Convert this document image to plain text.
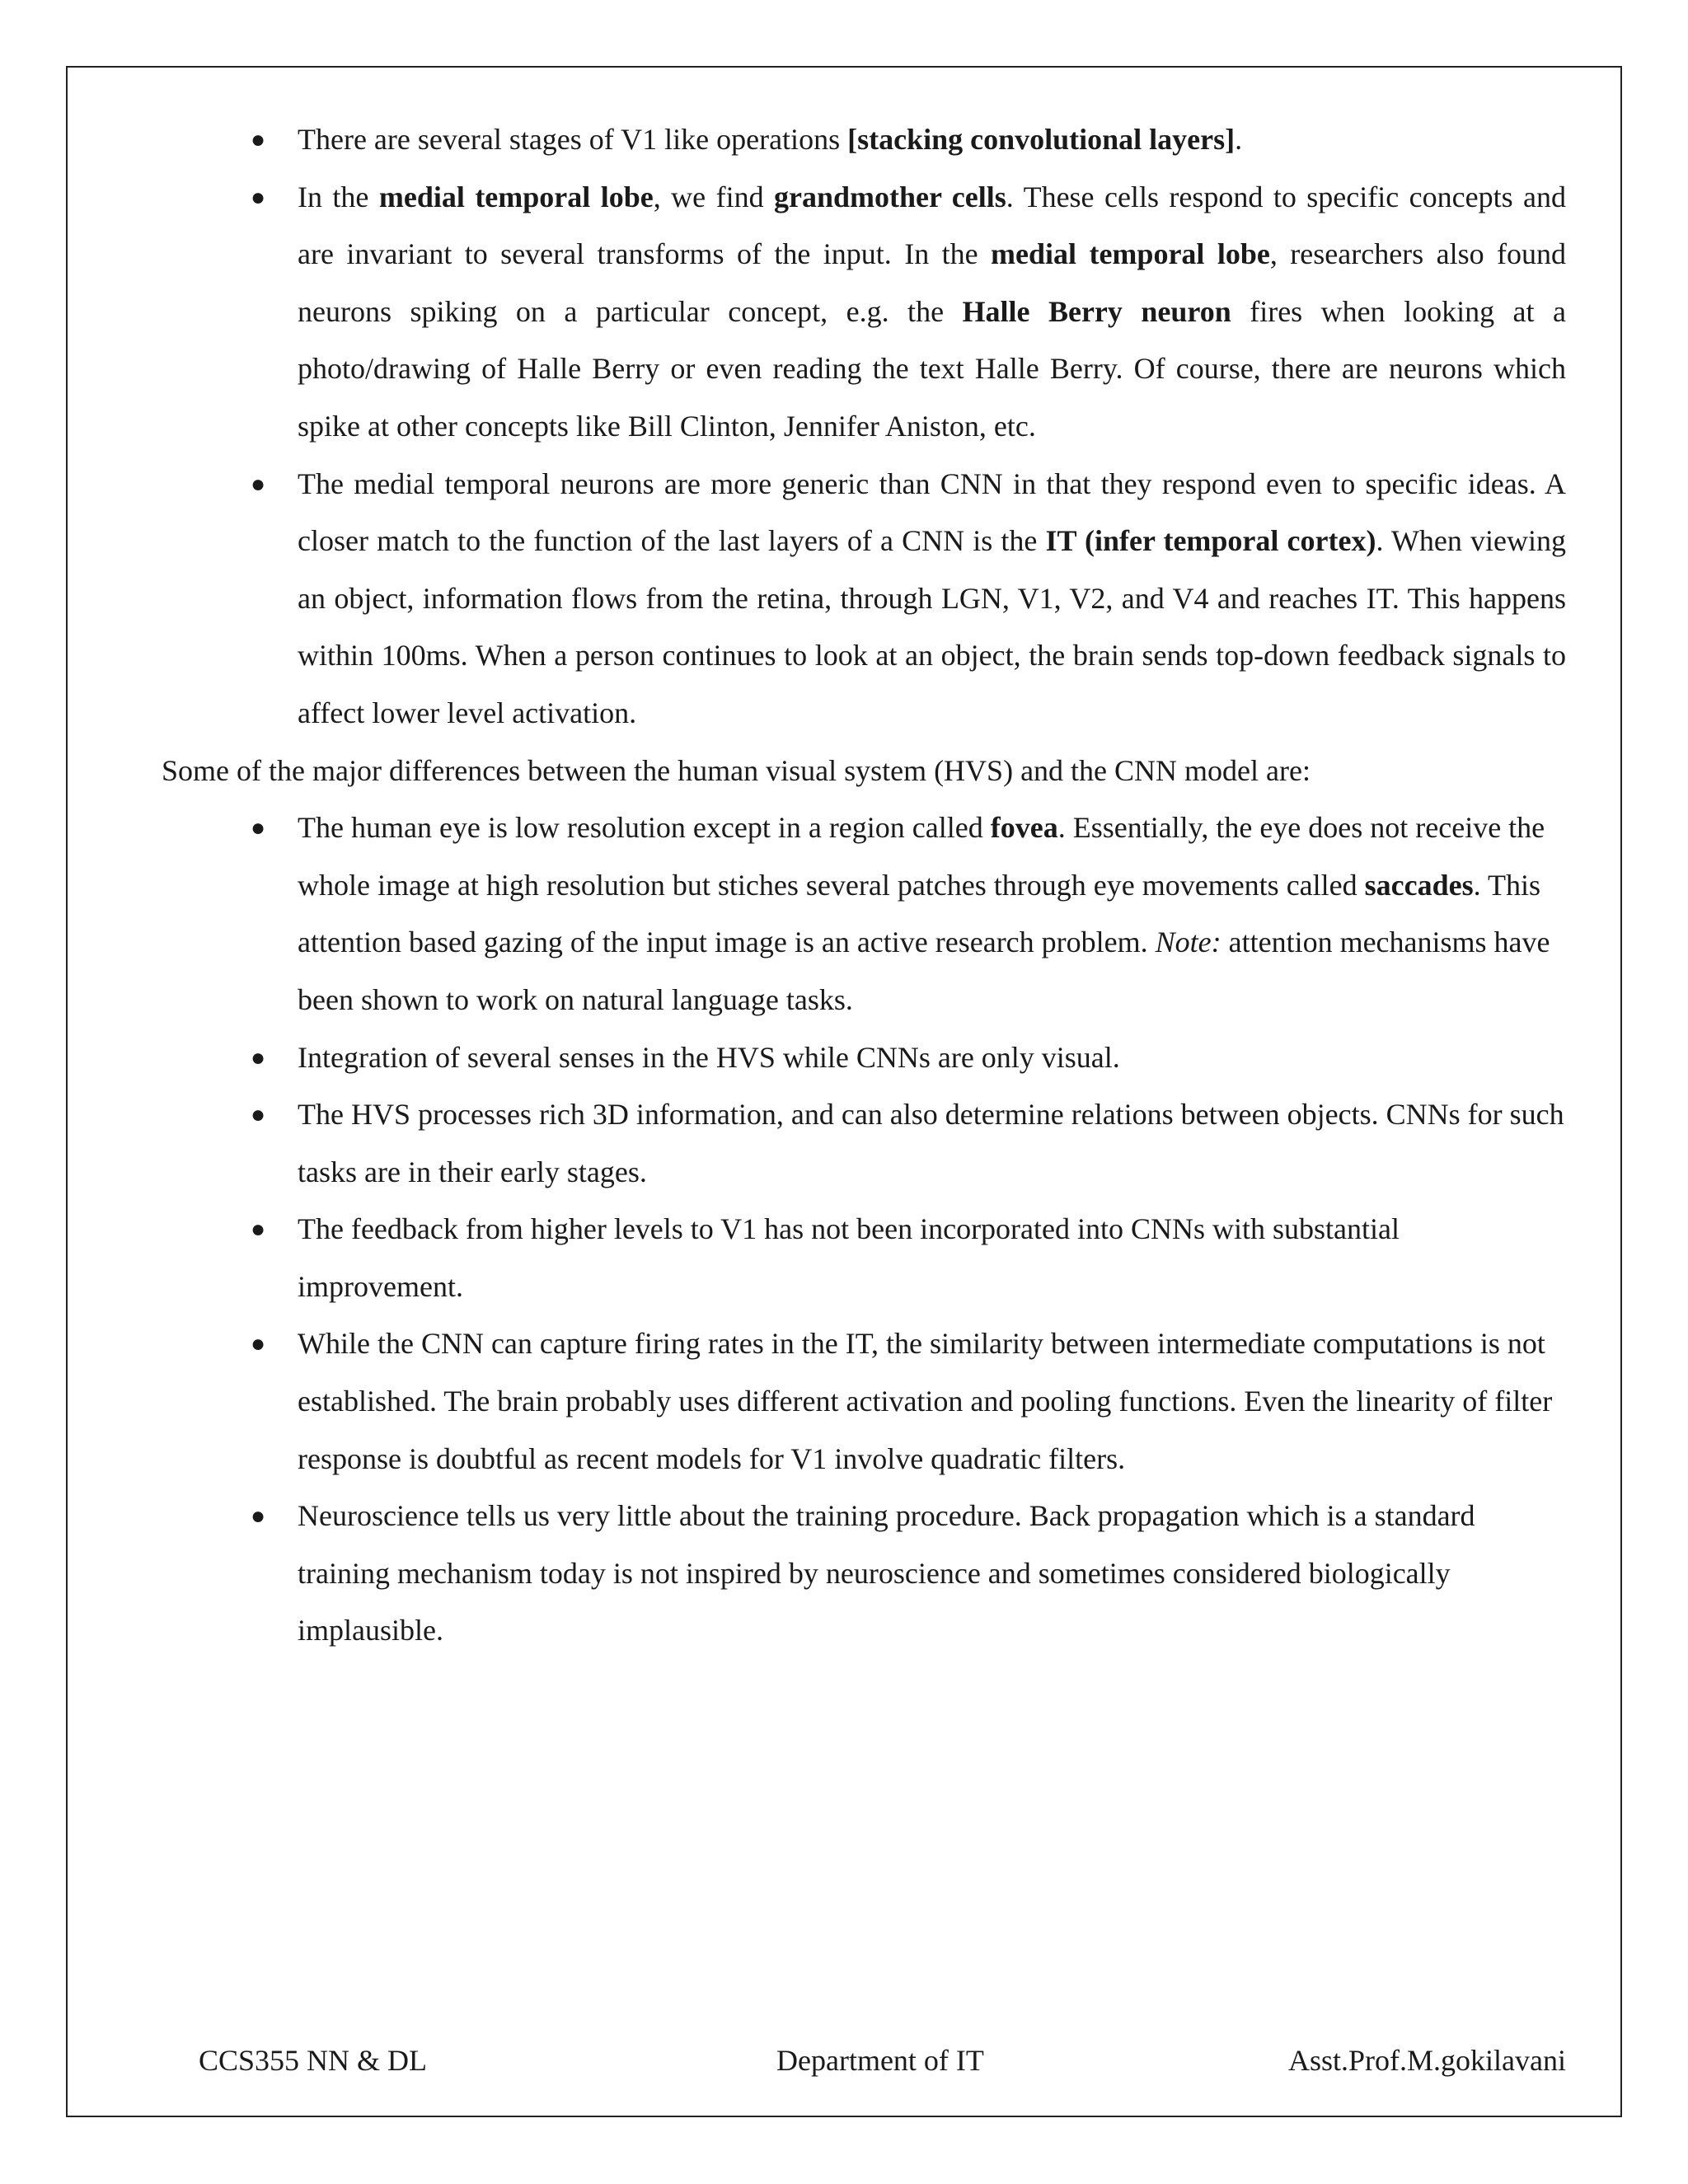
● There are several stages of V1 like operations [stacking convolutional layers].
● In the medial temporal lobe, we find grandmother cells. These cells respond to specific concepts and are invariant to several transforms of the input. In the medial temporal lobe, researchers also found neurons spiking on a particular concept, e.g. the Halle Berry neuron fires when looking at a photo/drawing of Halle Berry or even reading the text Halle Berry. Of course, there are neurons which spike at other concepts like Bill Clinton, Jennifer Aniston, etc.
● The medial temporal neurons are more generic than CNN in that they respond even to specific ideas. A closer match to the function of the last layers of a CNN is the IT (infer temporal cortex). When viewing an object, information flows from the retina, through LGN, V1, V2, and V4 and reaches IT. This happens within 100ms. When a person continues to look at an object, the brain sends top-down feedback signals to affect lower level activation.

Some of the major differences between the human visual system (HVS) and the CNN model are:

● The human eye is low resolution except in a region called fovea. Essentially, the eye does not receive the whole image at high resolution but stiches several patches through eye movements called saccades. This attention based gazing of the input image is an active research problem. Note: attention mechanisms have been shown to work on natural language tasks.
● Integration of several senses in the HVS while CNNs are only visual.
● The HVS processes rich 3D information, and can also determine relations between objects. CNNs for such tasks are in their early stages.
● The feedback from higher levels to V1 has not been incorporated into CNNs with substantial improvement.
● While the CNN can capture firing rates in the IT, the similarity between intermediate computations is not established. The brain probably uses different activation and pooling functions. Even the linearity of filter response is doubtful as recent models for V1 involve quadratic filters.
● Neuroscience tells us very little about the training procedure. Back propagation which is a standard training mechanism today is not inspired by neuroscience and sometimes considered biologically implausible.
CCS355 NN & DL	Department of IT	Asst.Prof.M.gokilavani
